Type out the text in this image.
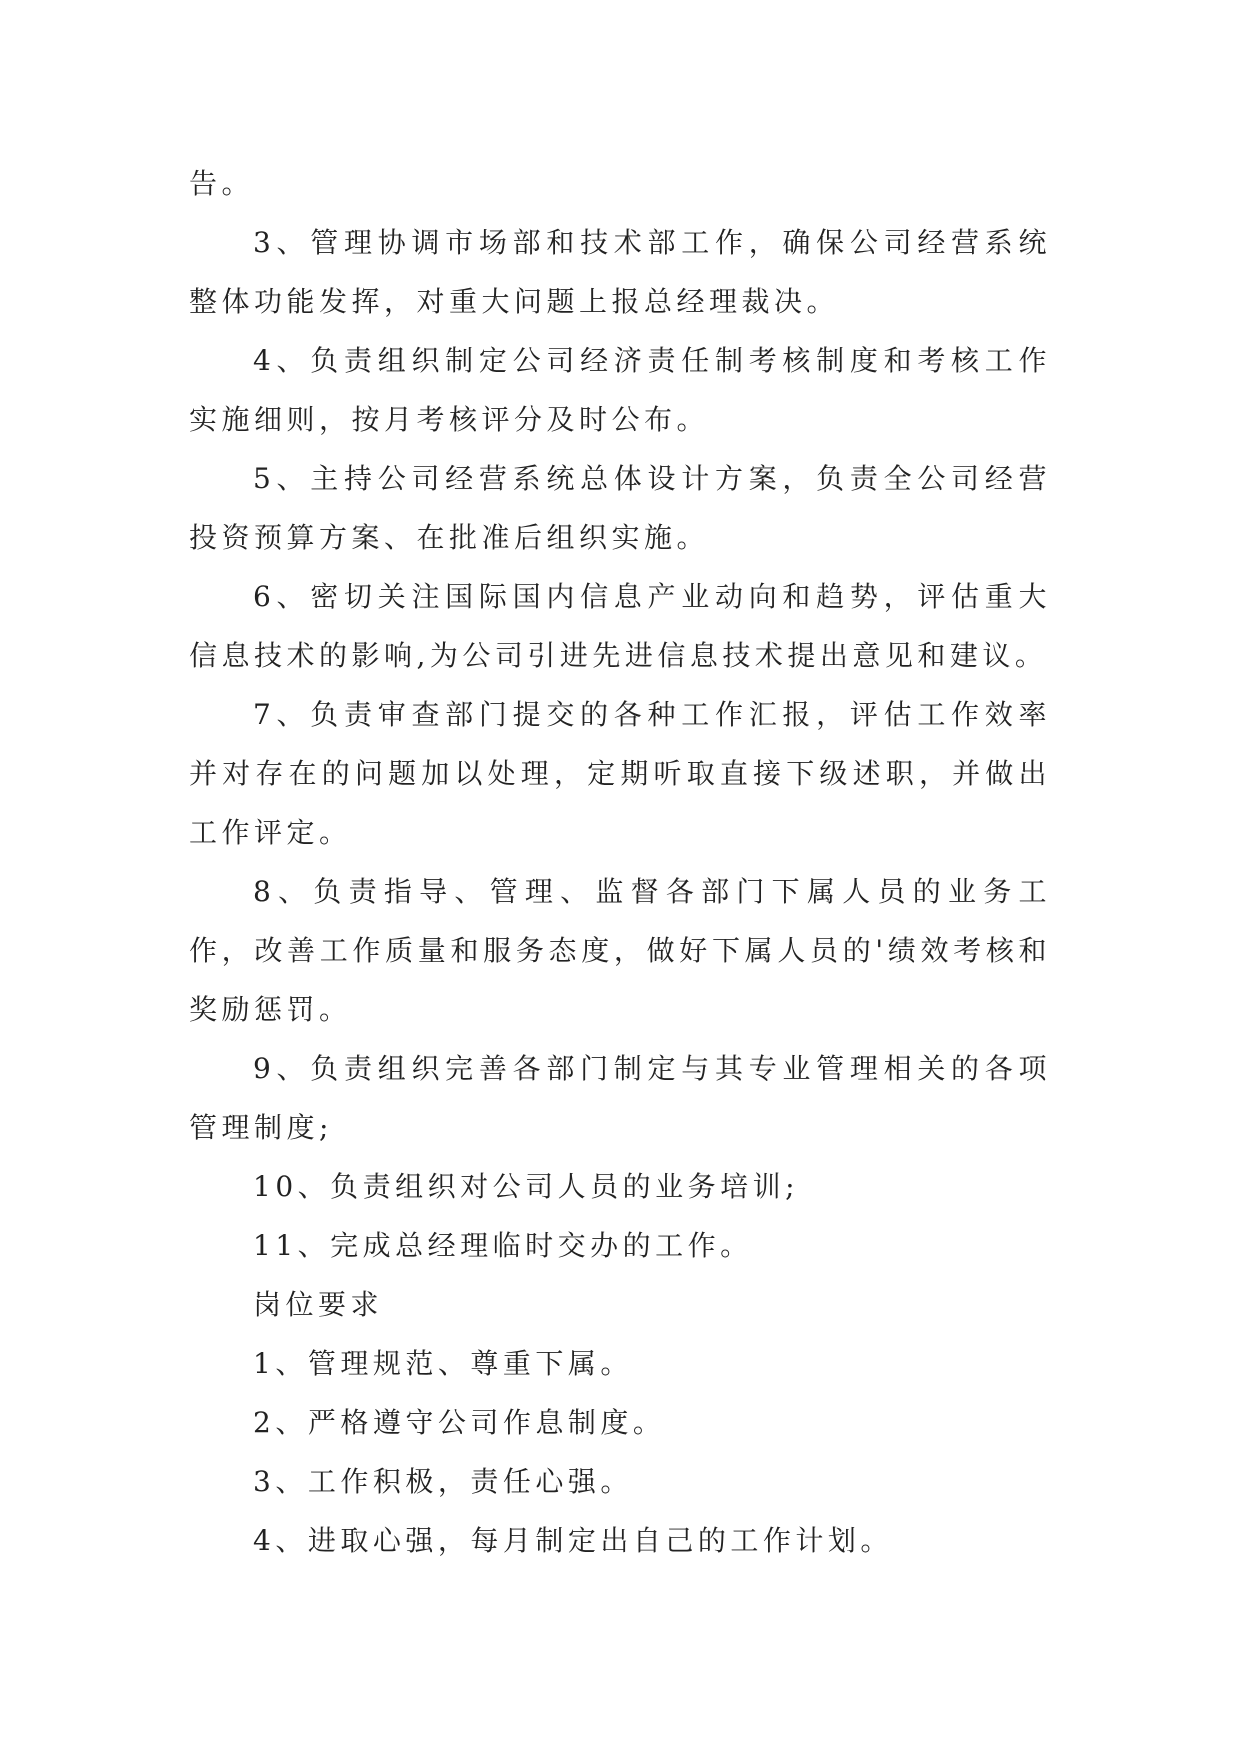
告。

3、管理协调市场部和技术部工作，确保公司经营系统整体功能发挥，对重大问题上报总经理裁决。

4、负责组织制定公司经济责任制考核制度和考核工作实施细则，按月考核评分及时公布。

5、主持公司经营系统总体设计方案，负责全公司经营投资预算方案、在批准后组织实施。

6、密切关注国际国内信息产业动向和趋势，评估重大信息技术的影响,为公司引进先进信息技术提出意见和建议。

7、负责审查部门提交的各种工作汇报，评估工作效率并对存在的问题加以处理，定期听取直接下级述职，并做出工作评定。

8、负责指导、管理、监督各部门下属人员的业务工作，改善工作质量和服务态度，做好下属人员的'绩效考核和奖励惩罚。

9、负责组织完善各部门制定与其专业管理相关的各项管理制度;

10、负责组织对公司人员的业务培训;

11、完成总经理临时交办的工作。

岗位要求

1、管理规范、尊重下属。

2、严格遵守公司作息制度。

3、工作积极，责任心强。

4、进取心强，每月制定出自己的工作计划。
